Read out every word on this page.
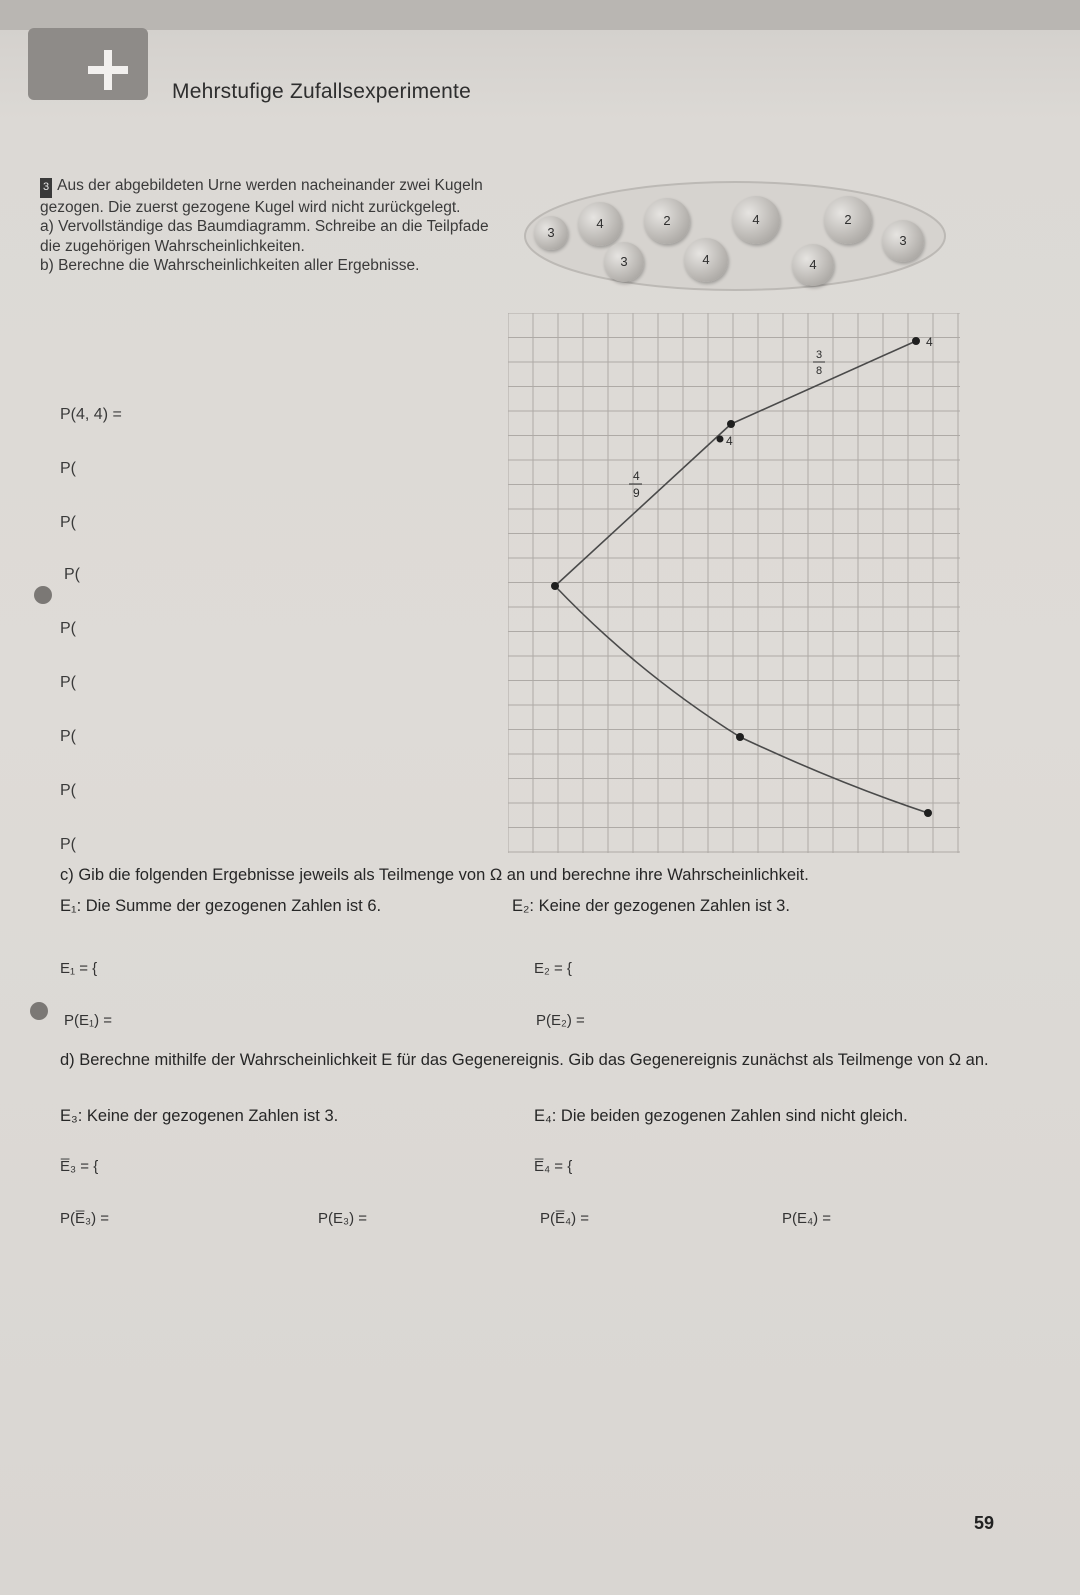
Mehrstufige Zufallsexperimente
3 Aus der abgebildeten Urne werden nacheinander zwei Kugeln gezogen. Die zuerst gezogene Kugel wird nicht zurückgelegt.
a) Vervollständige das Baumdiagramm. Schreibe an die Teilpfade die zugehörigen Wahrscheinlichkeiten.
b) Berechne die Wahrscheinlichkeiten aller Ergebnisse.
3
4	2	4	2
3
3	4	4
P(4, 4) =
P(
P(
P(
P(
P(
P(
P(
P(
4
4
3
8
4
9
c) Gib die folgenden Ergebnisse jeweils als Teilmenge von Ω an und berechne ihre Wahrscheinlichkeit.
E₁: Die Summe der gezogenen Zahlen ist 6.	E₂: Keine der gezogenen Zahlen ist 3.
E₁ = {	E₂ = {
P(E₁) =	P(E₂) =
d) Berechne mithilfe der Wahrscheinlichkeit E für das Gegenereignis. Gib das Gegenereignis zunächst als Teilmenge von Ω an.
E₃: Keine der gezogenen Zahlen ist 3.	E₄: Die beiden gezogenen Zahlen sind nicht gleich.
E̅₃ = {	E̅₄ = {
P(E̅₃) =	P(E₃) =	P(E̅₄) =	P(E₄) =
59
